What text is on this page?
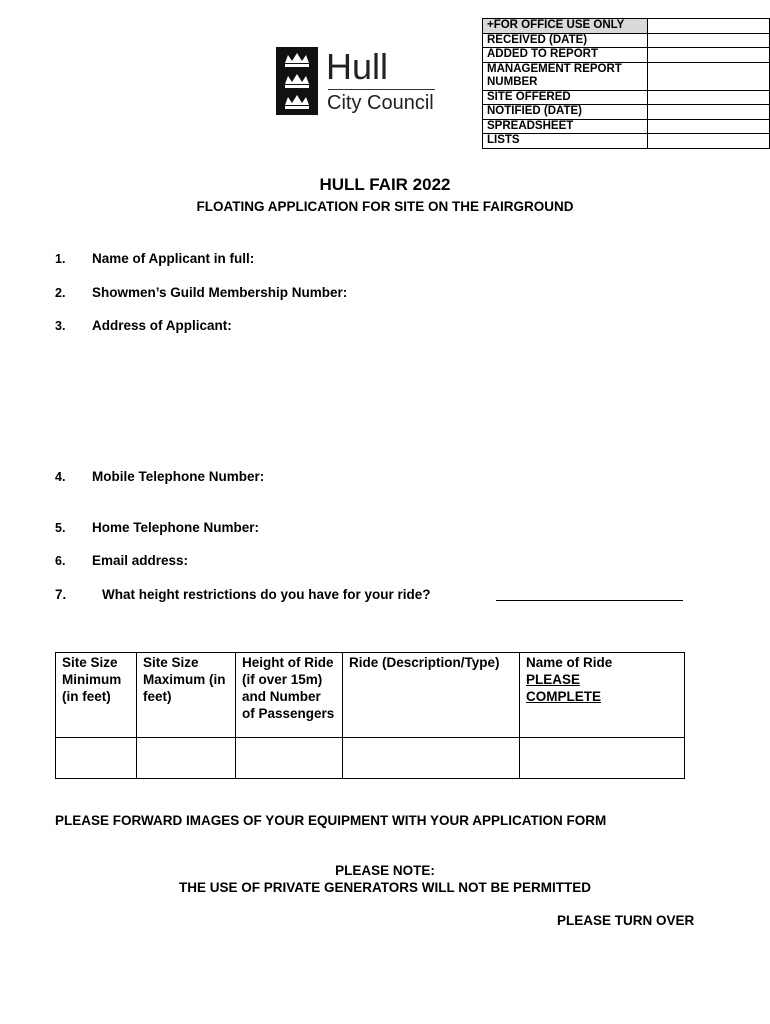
Hull
City Council
+FOR OFFICE USE ONLY	
RECEIVED (DATE)	
ADDED TO REPORT	
MANAGEMENT REPORT NUMBER	
SITE OFFERED	
NOTIFIED (DATE)	
SPREADSHEET	
LISTS	
HULL FAIR 2022
FLOATING APPLICATION FOR SITE ON THE FAIRGROUND
1. Name of Applicant in full:
2. Showmen’s Guild Membership Number:
3. Address of Applicant:
4. Mobile Telephone Number:
5. Home Telephone Number:
6. Email address:
7.	What height restrictions do you have for your ride?
Site Size Minimum (in feet)	Site Size Maximum (in feet)	Height of Ride (if over 15m) and Number of Passengers	Ride (Description/Type)	Name of Ride
PLEASE COMPLETE

PLEASE FORWARD IMAGES OF YOUR EQUIPMENT WITH YOUR APPLICATION FORM
PLEASE NOTE:
THE USE OF PRIVATE GENERATORS WILL NOT BE PERMITTED
PLEASE TURN OVER
